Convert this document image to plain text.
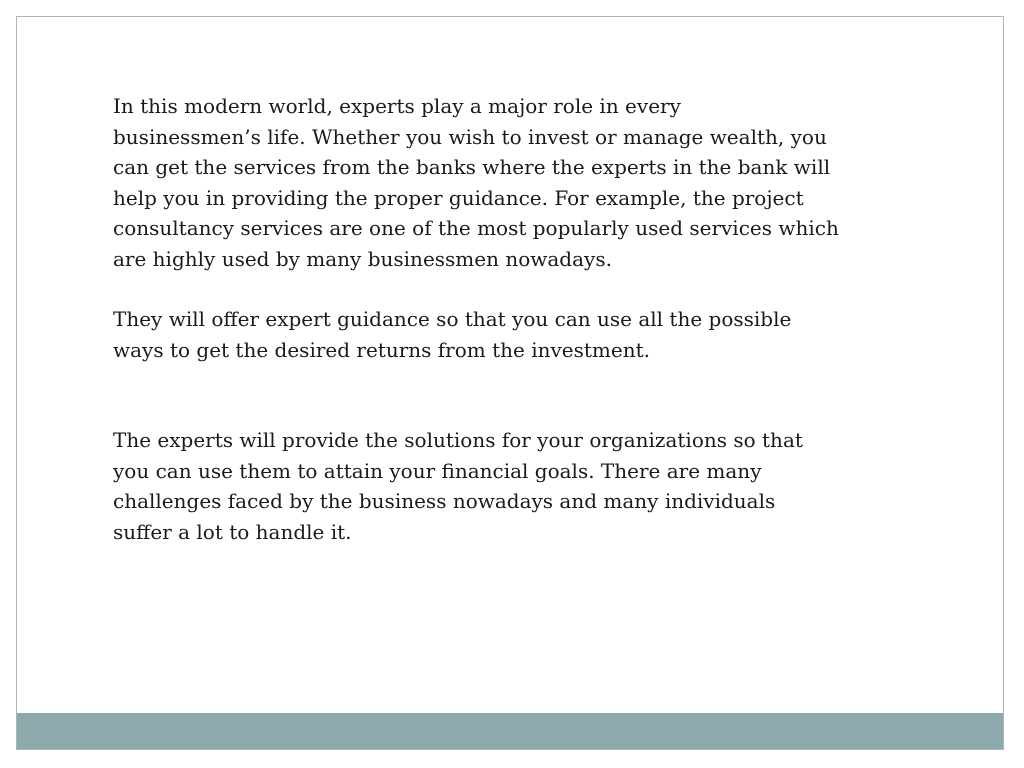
In this modern world, experts play a major role in every
businessmen’s life. Whether you wish to invest or manage wealth, you
can get the services from the banks where the experts in the bank will
help you in providing the proper guidance. For example, the project
consultancy services are one of the most popularly used services which
are highly used by many businessmen nowadays.

They will offer expert guidance so that you can use all the possible
ways to get the desired returns from the investment.

The experts will provide the solutions for your organizations so that
you can use them to attain your financial goals. There are many
challenges faced by the business nowadays and many individuals
suffer a lot to handle it.
